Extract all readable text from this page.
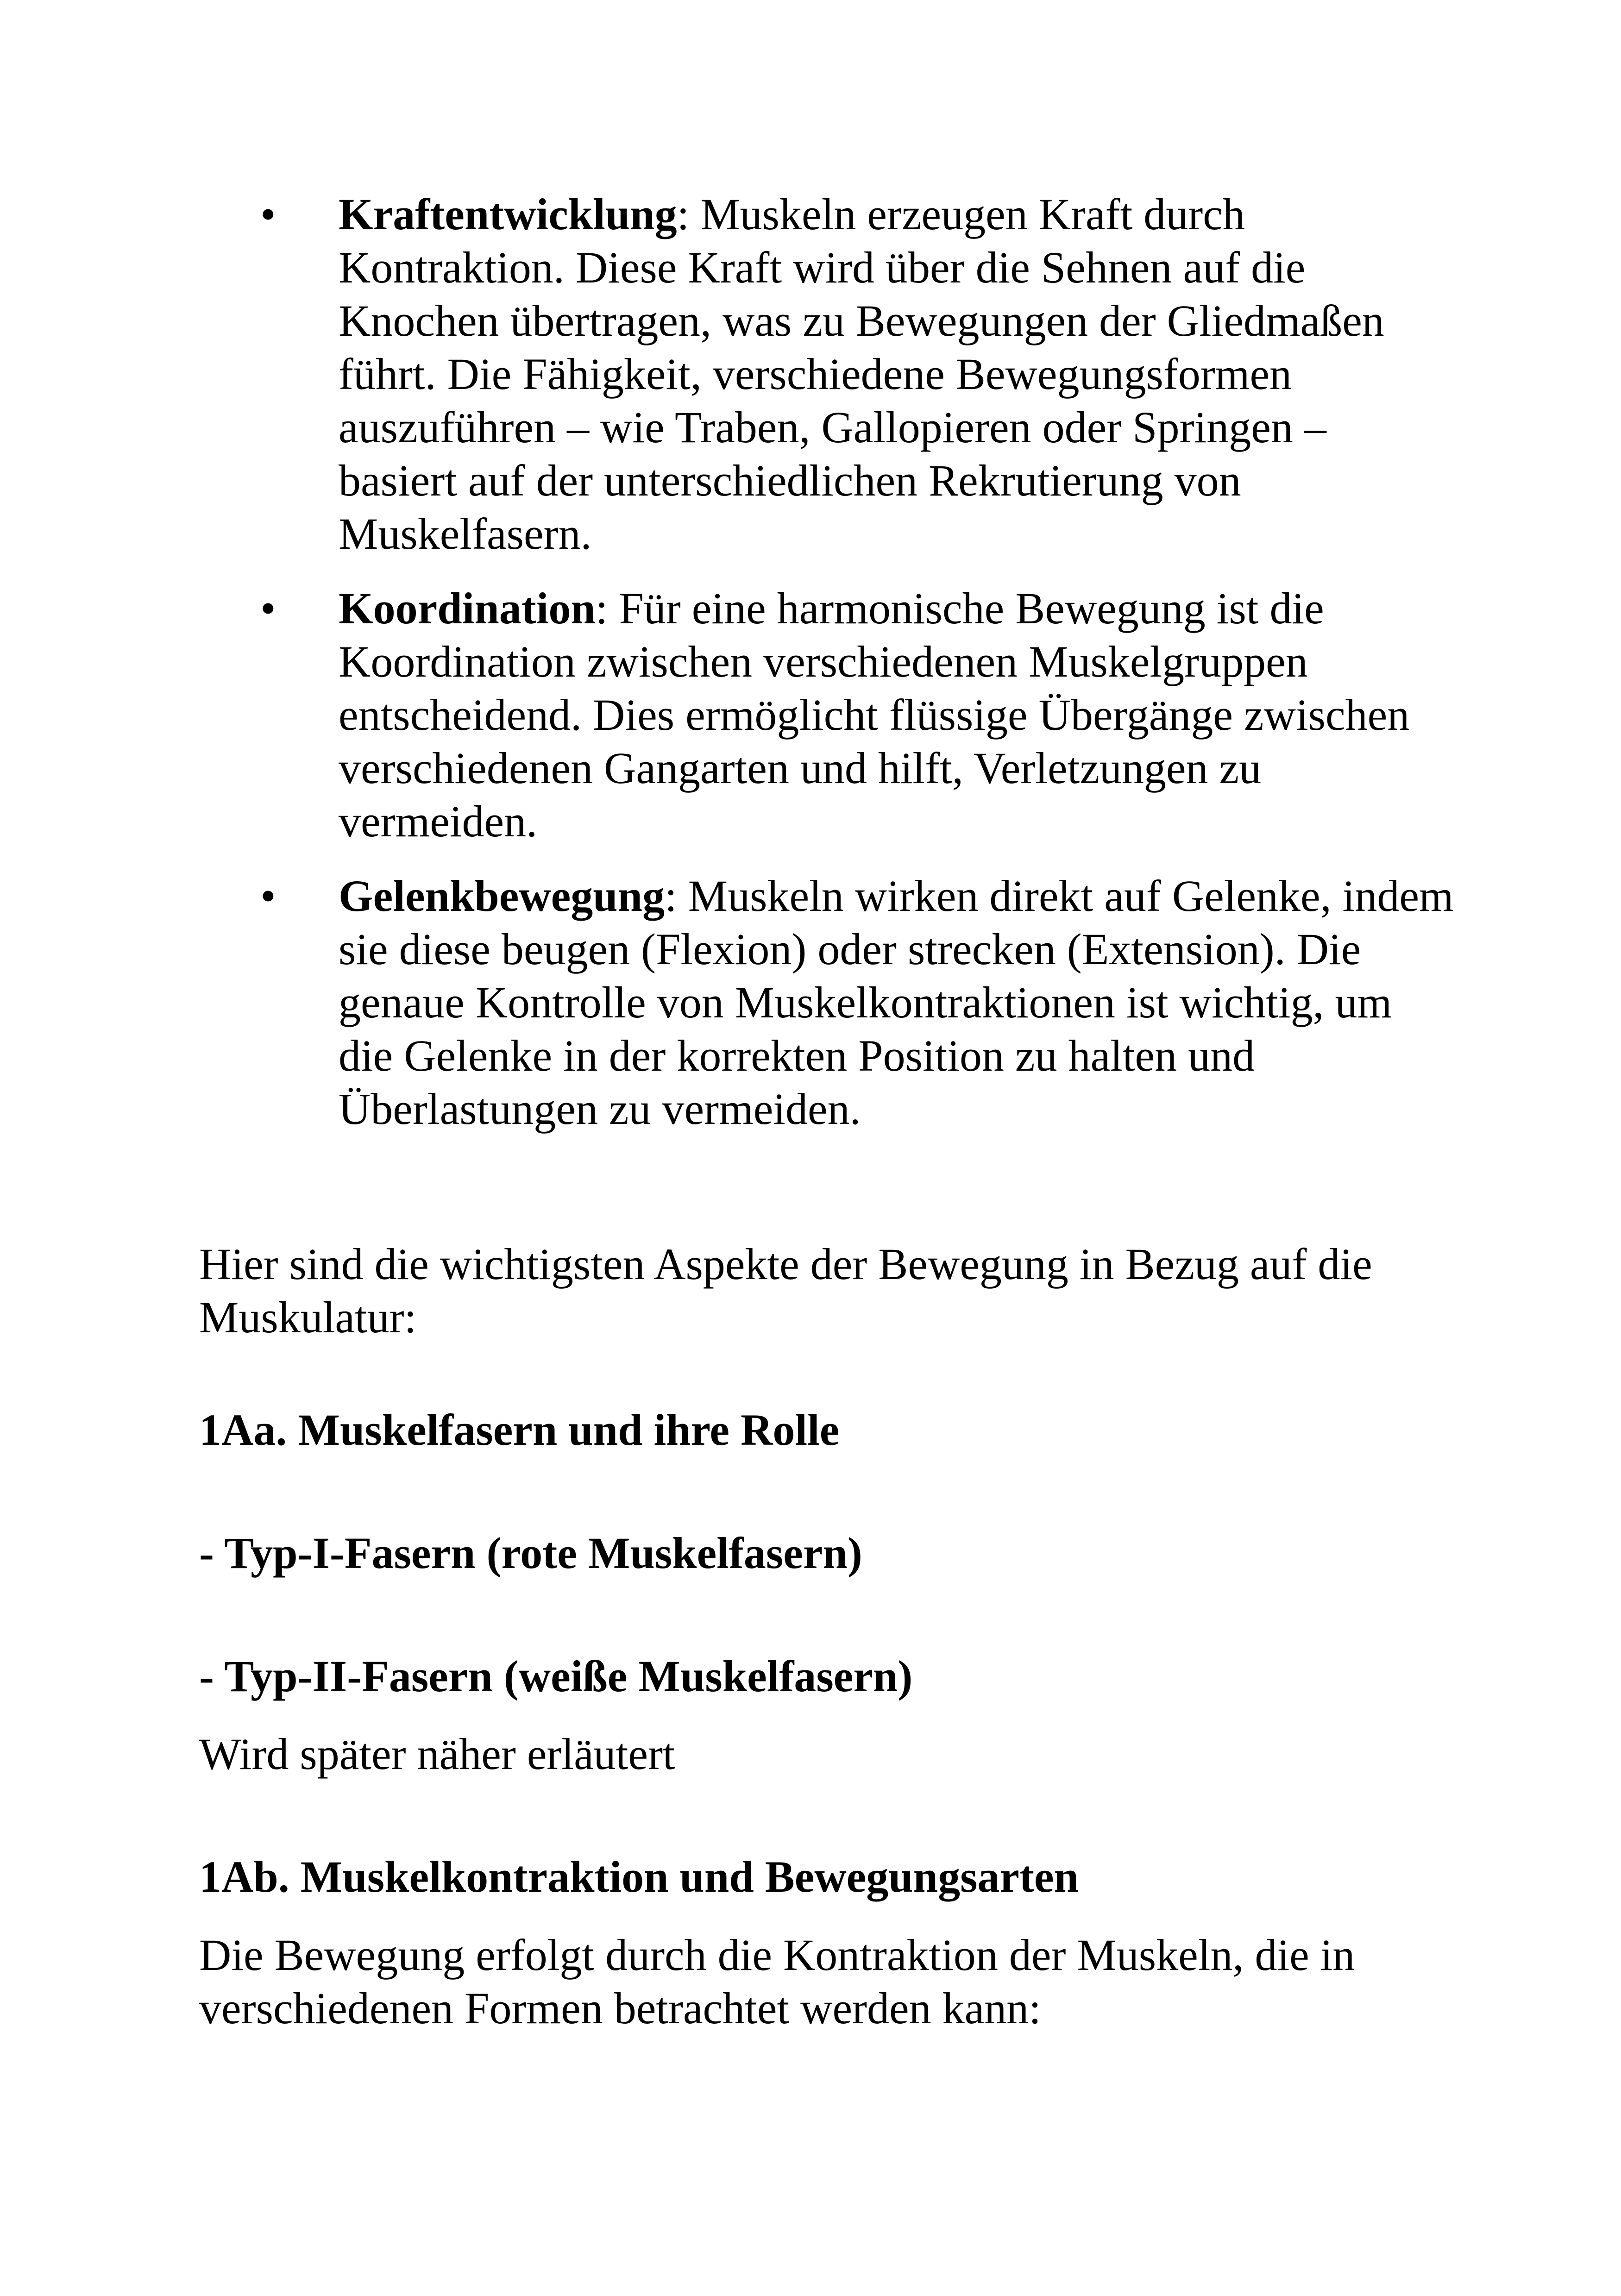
• Kraftentwicklung: Muskeln erzeugen Kraft durch Kontraktion. Diese Kraft wird über die Sehnen auf die Knochen übertragen, was zu Bewegungen der Gliedmaßen führt. Die Fähigkeit, verschiedene Bewegungsformen auszuführen – wie Traben, Gallopieren oder Springen – basiert auf der unterschiedlichen Rekrutierung von Muskelfasern.
• Koordination: Für eine harmonische Bewegung ist die Koordination zwischen verschiedenen Muskelgruppen entscheidend. Dies ermöglicht flüssige Übergänge zwischen verschiedenen Gangarten und hilft, Verletzungen zu vermeiden.
• Gelenkbewegung: Muskeln wirken direkt auf Gelenke, indem sie diese beugen (Flexion) oder strecken (Extension). Die genaue Kontrolle von Muskelkontraktionen ist wichtig, um die Gelenke in der korrekten Position zu halten und Überlastungen zu vermeiden.

Hier sind die wichtigsten Aspekte der Bewegung in Bezug auf die Muskulatur:

1Aa. Muskelfasern und ihre Rolle
- Typ-I-Fasern (rote Muskelfasern)
- Typ-II-Fasern (weiße Muskelfasern)

Wird später näher erläutert

1Ab. Muskelkontraktion und Bewegungsarten

Die Bewegung erfolgt durch die Kontraktion der Muskeln, die in verschiedenen Formen betrachtet werden kann:
